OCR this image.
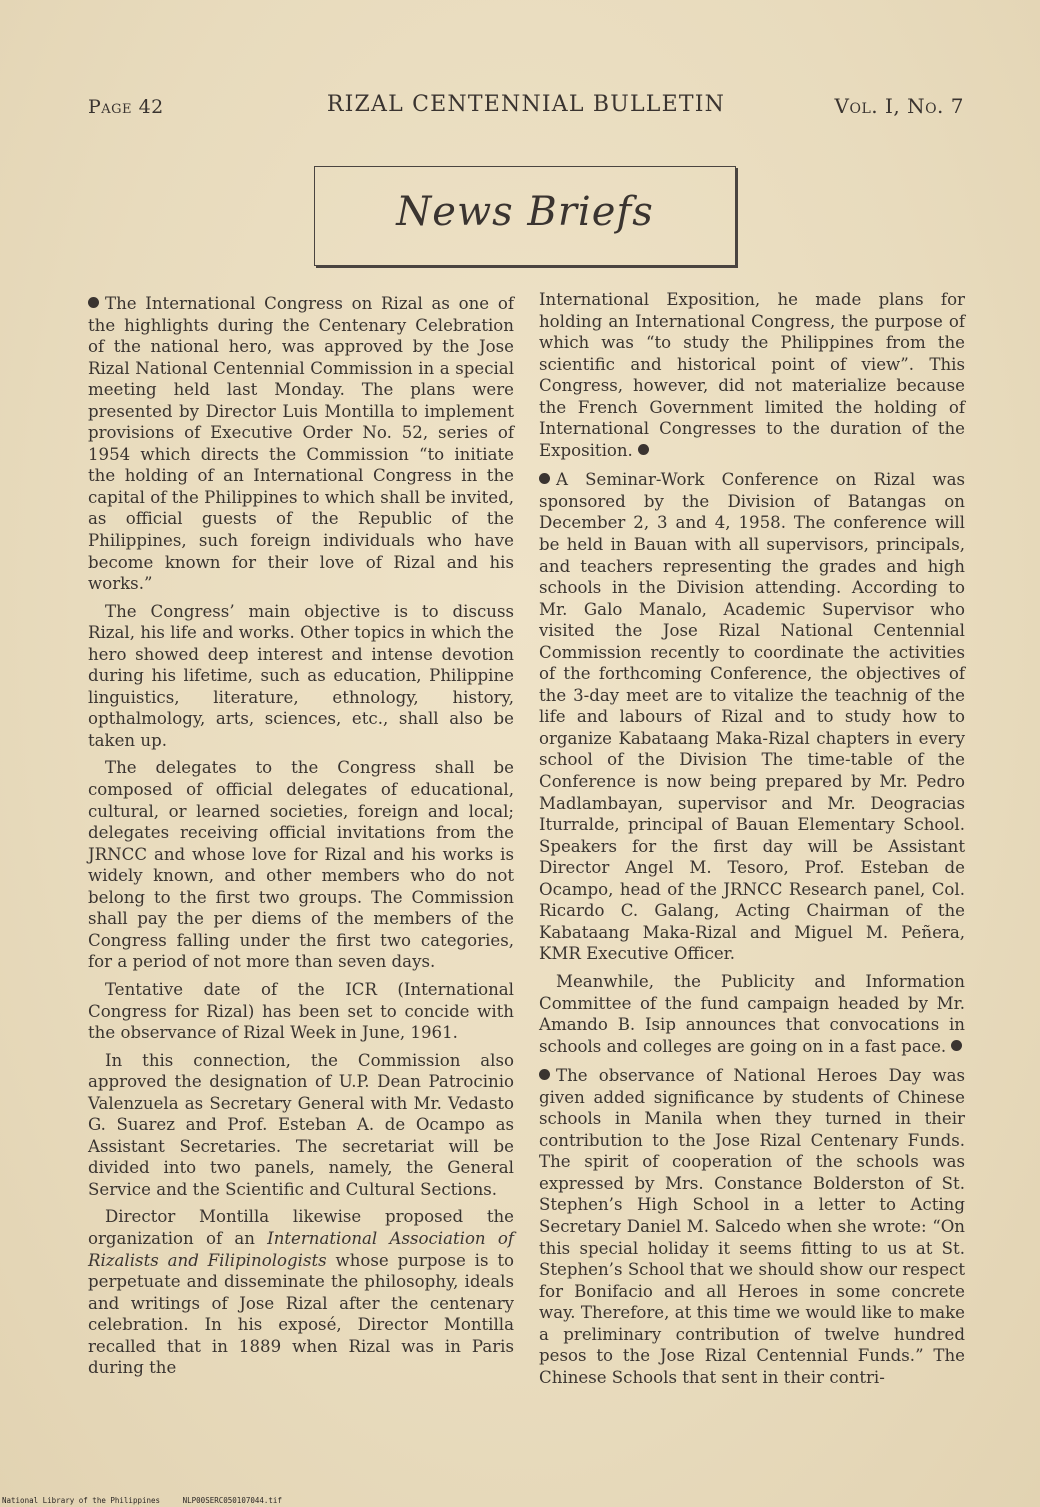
Page 42	RIZAL CENTENNIAL BULLETIN	Vol. I, No. 7
News Briefs

The International Congress on Rizal as one of the highlights during the Centenary Celebration of the national hero, was approved by the Jose Rizal National Centennial Commission in a special meeting held last Monday. The plans were presented by Director Luis Montilla to implement provisions of Executive Order No. 52, series of 1954 which directs the Commission “to initiate the holding of an International Congress in the capital of the Philippines to which shall be invited, as official guests of the Republic of the Philippines, such foreign individuals who have become known for their love of Rizal and his works.”

The Congress’ main objective is to discuss Rizal, his life and works. Other topics in which the hero showed deep interest and intense devotion during his lifetime, such as education, Philippine linguistics, literature, ethnology, history, opthalmology, arts, sciences, etc., shall also be taken up.

The delegates to the Congress shall be composed of official delegates of educational, cultural, or learned societies, foreign and local; delegates receiving official invitations from the JRNCC and whose love for Rizal and his works is widely known, and other members who do not belong to the first two groups. The Commission shall pay the per diems of the members of the Congress falling under the first two categories, for a period of not more than seven days.

Tentative date of the ICR (International Congress for Rizal) has been set to concide with the observance of Rizal Week in June, 1961.

In this connection, the Commission also approved the designation of U.P. Dean Patrocinio Valenzuela as Secretary General with Mr. Vedasto G. Suarez and Prof. Esteban A. de Ocampo as Assistant Secretaries. The secretariat will be divided into two panels, namely, the General Service and the Scientific and Cultural Sections.

Director Montilla likewise proposed the organization of an International Association of Rizalists and Filipinologists whose purpose is to perpetuate and disseminate the philosophy, ideals and writings of Jose Rizal after the centenary celebration. In his exposé, Director Montilla recalled that in 1889 when Rizal was in Paris during the

International Exposition, he made plans for holding an International Congress, the purpose of which was “to study the Philippines from the scientific and historical point of view”. This Congress, however, did not materialize because the French Government limited the holding of International Congresses to the duration of the Exposition.

A Seminar-Work Conference on Rizal was sponsored by the Division of Batangas on December 2, 3 and 4, 1958. The conference will be held in Bauan with all supervisors, principals, and teachers representing the grades and high schools in the Division attending. According to Mr. Galo Manalo, Academic Supervisor who visited the Jose Rizal National Centennial Commission recently to coordinate the activities of the forthcoming Conference, the objectives of the 3-day meet are to vitalize the teachnig of the life and labours of Rizal and to study how to organize Kabataang Maka-Rizal chapters in every school of the Division The time-table of the Conference is now being prepared by Mr. Pedro Madlambayan, supervisor and Mr. Deogracias Iturralde, principal of Bauan Elementary School. Speakers for the first day will be Assistant Director Angel M. Tesoro, Prof. Esteban de Ocampo, head of the JRNCC Research panel, Col. Ricardo C. Galang, Acting Chairman of the Kabataang Maka-Rizal and Miguel M. Peñera, KMR Executive Officer.

Meanwhile, the Publicity and Information Committee of the fund campaign headed by Mr. Amando B. Isip announces that convocations in schools and colleges are going on in a fast pace.

The observance of National Heroes Day was given added significance by students of Chinese schools in Manila when they turned in their contribution to the Jose Rizal Centenary Funds. The spirit of cooperation of the schools was expressed by Mrs. Constance Bolderston of St. Stephen’s High School in a letter to Acting Secretary Daniel M. Salcedo when she wrote: “On this special holiday it seems fitting to us at St. Stephen’s School that we should show our respect for Bonifacio and all Heroes in some concrete way. Therefore, at this time we would like to make a preliminary contribution of twelve hundred pesos to the Jose Rizal Centennial Funds.” The Chinese Schools that sent in their contri-

National Library of the Philippines     NLP00SERC050107044.tif
